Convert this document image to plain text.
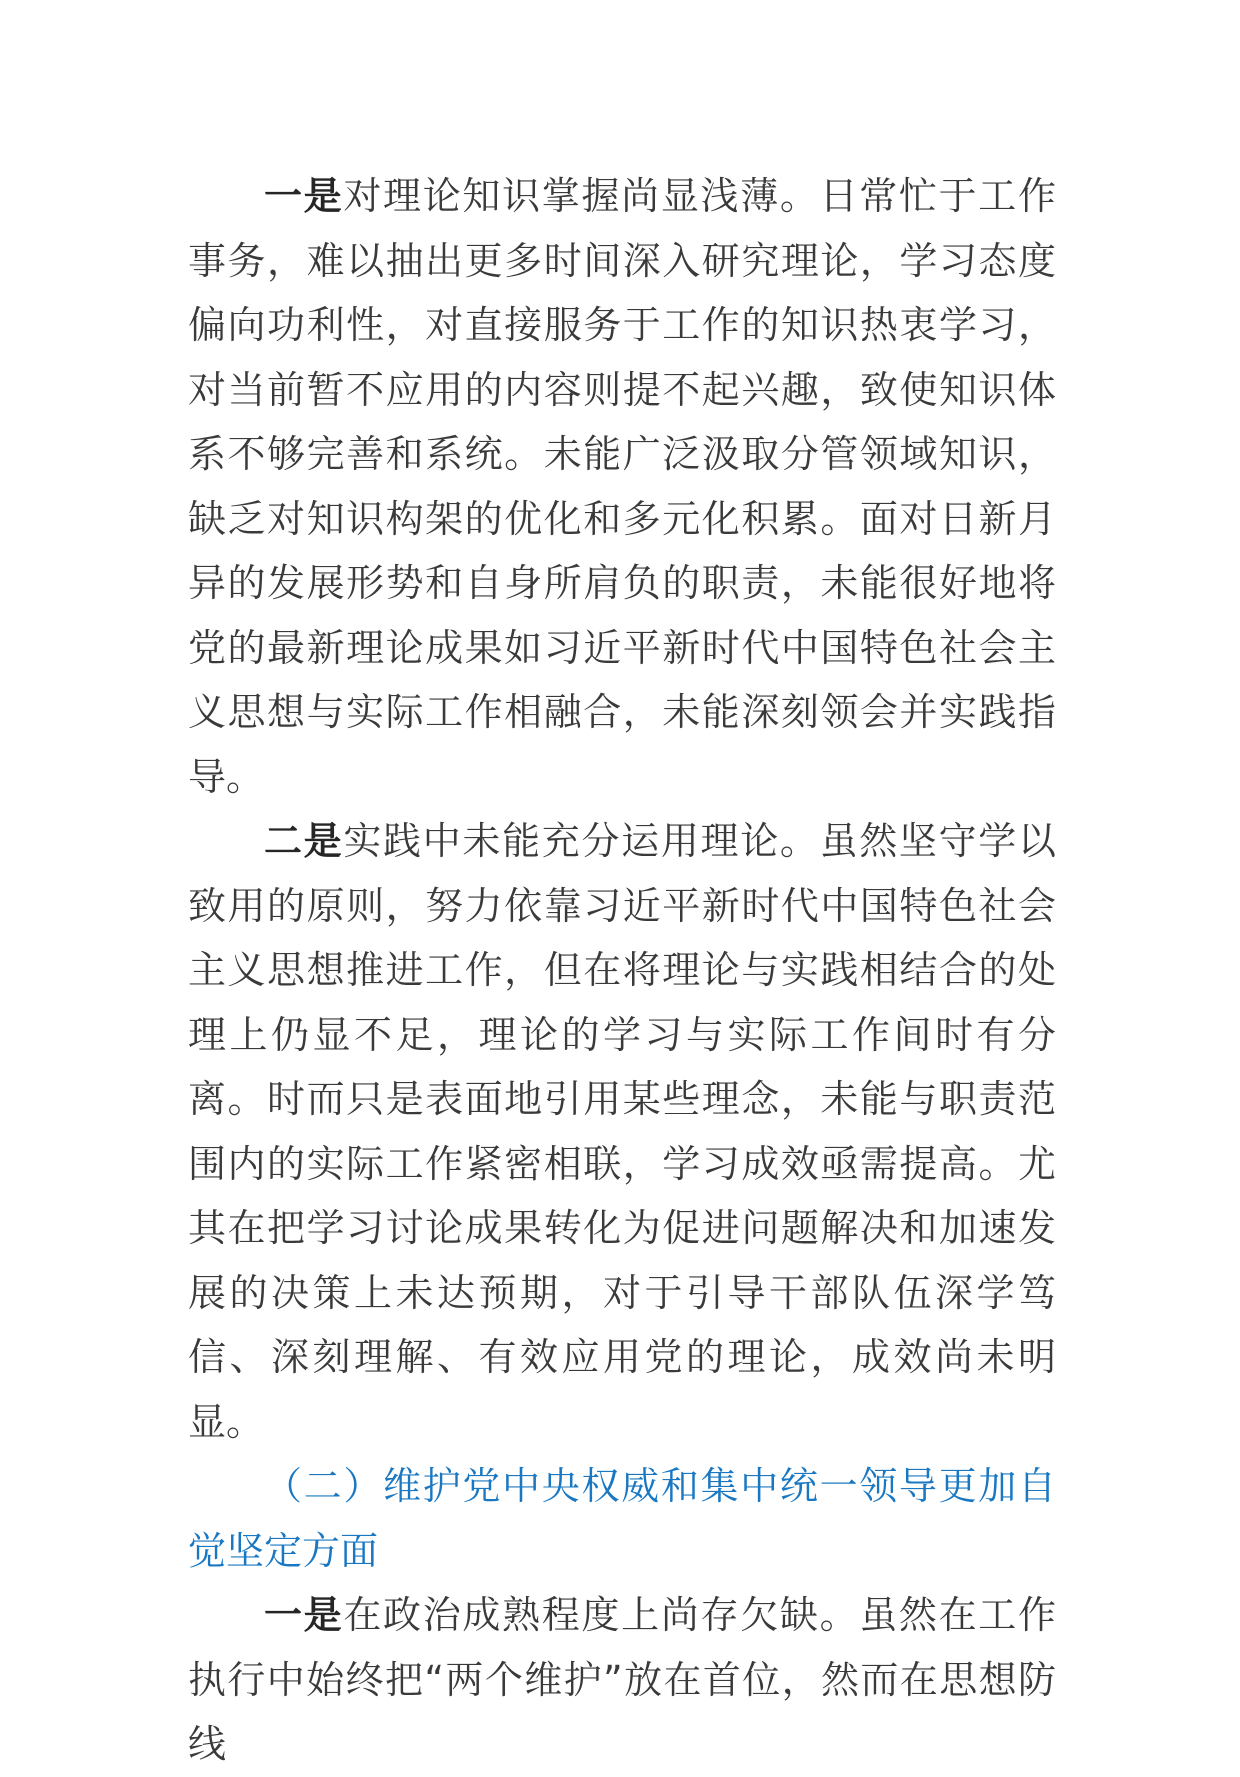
一是对理论知识掌握尚显浅薄。日常忙于工作事务，难以抽出更多时间深入研究理论，学习态度偏向功利性，对直接服务于工作的知识热衷学习，对当前暂不应用的内容则提不起兴趣，致使知识体系不够完善和系统。未能广泛汲取分管领域知识，缺乏对知识构架的优化和多元化积累。面对日新月异的发展形势和自身所肩负的职责，未能很好地将党的最新理论成果如习近平新时代中国特色社会主义思想与实际工作相融合，未能深刻领会并实践指导。

二是实践中未能充分运用理论。虽然坚守学以致用的原则，努力依靠习近平新时代中国特色社会主义思想推进工作，但在将理论与实践相结合的处理上仍显不足，理论的学习与实际工作间时有分离。时而只是表面地引用某些理念，未能与职责范围内的实际工作紧密相联，学习成效亟需提高。尤其在把学习讨论成果转化为促进问题解决和加速发展的决策上未达预期，对于引导干部队伍深学笃信、深刻理解、有效应用党的理论，成效尚未明显。

（二）维护党中央权威和集中统一领导更加自觉坚定方面

一是在政治成熟程度上尚存欠缺。虽然在工作执行中始终把“两个维护”放在首位，然而在思想防线
